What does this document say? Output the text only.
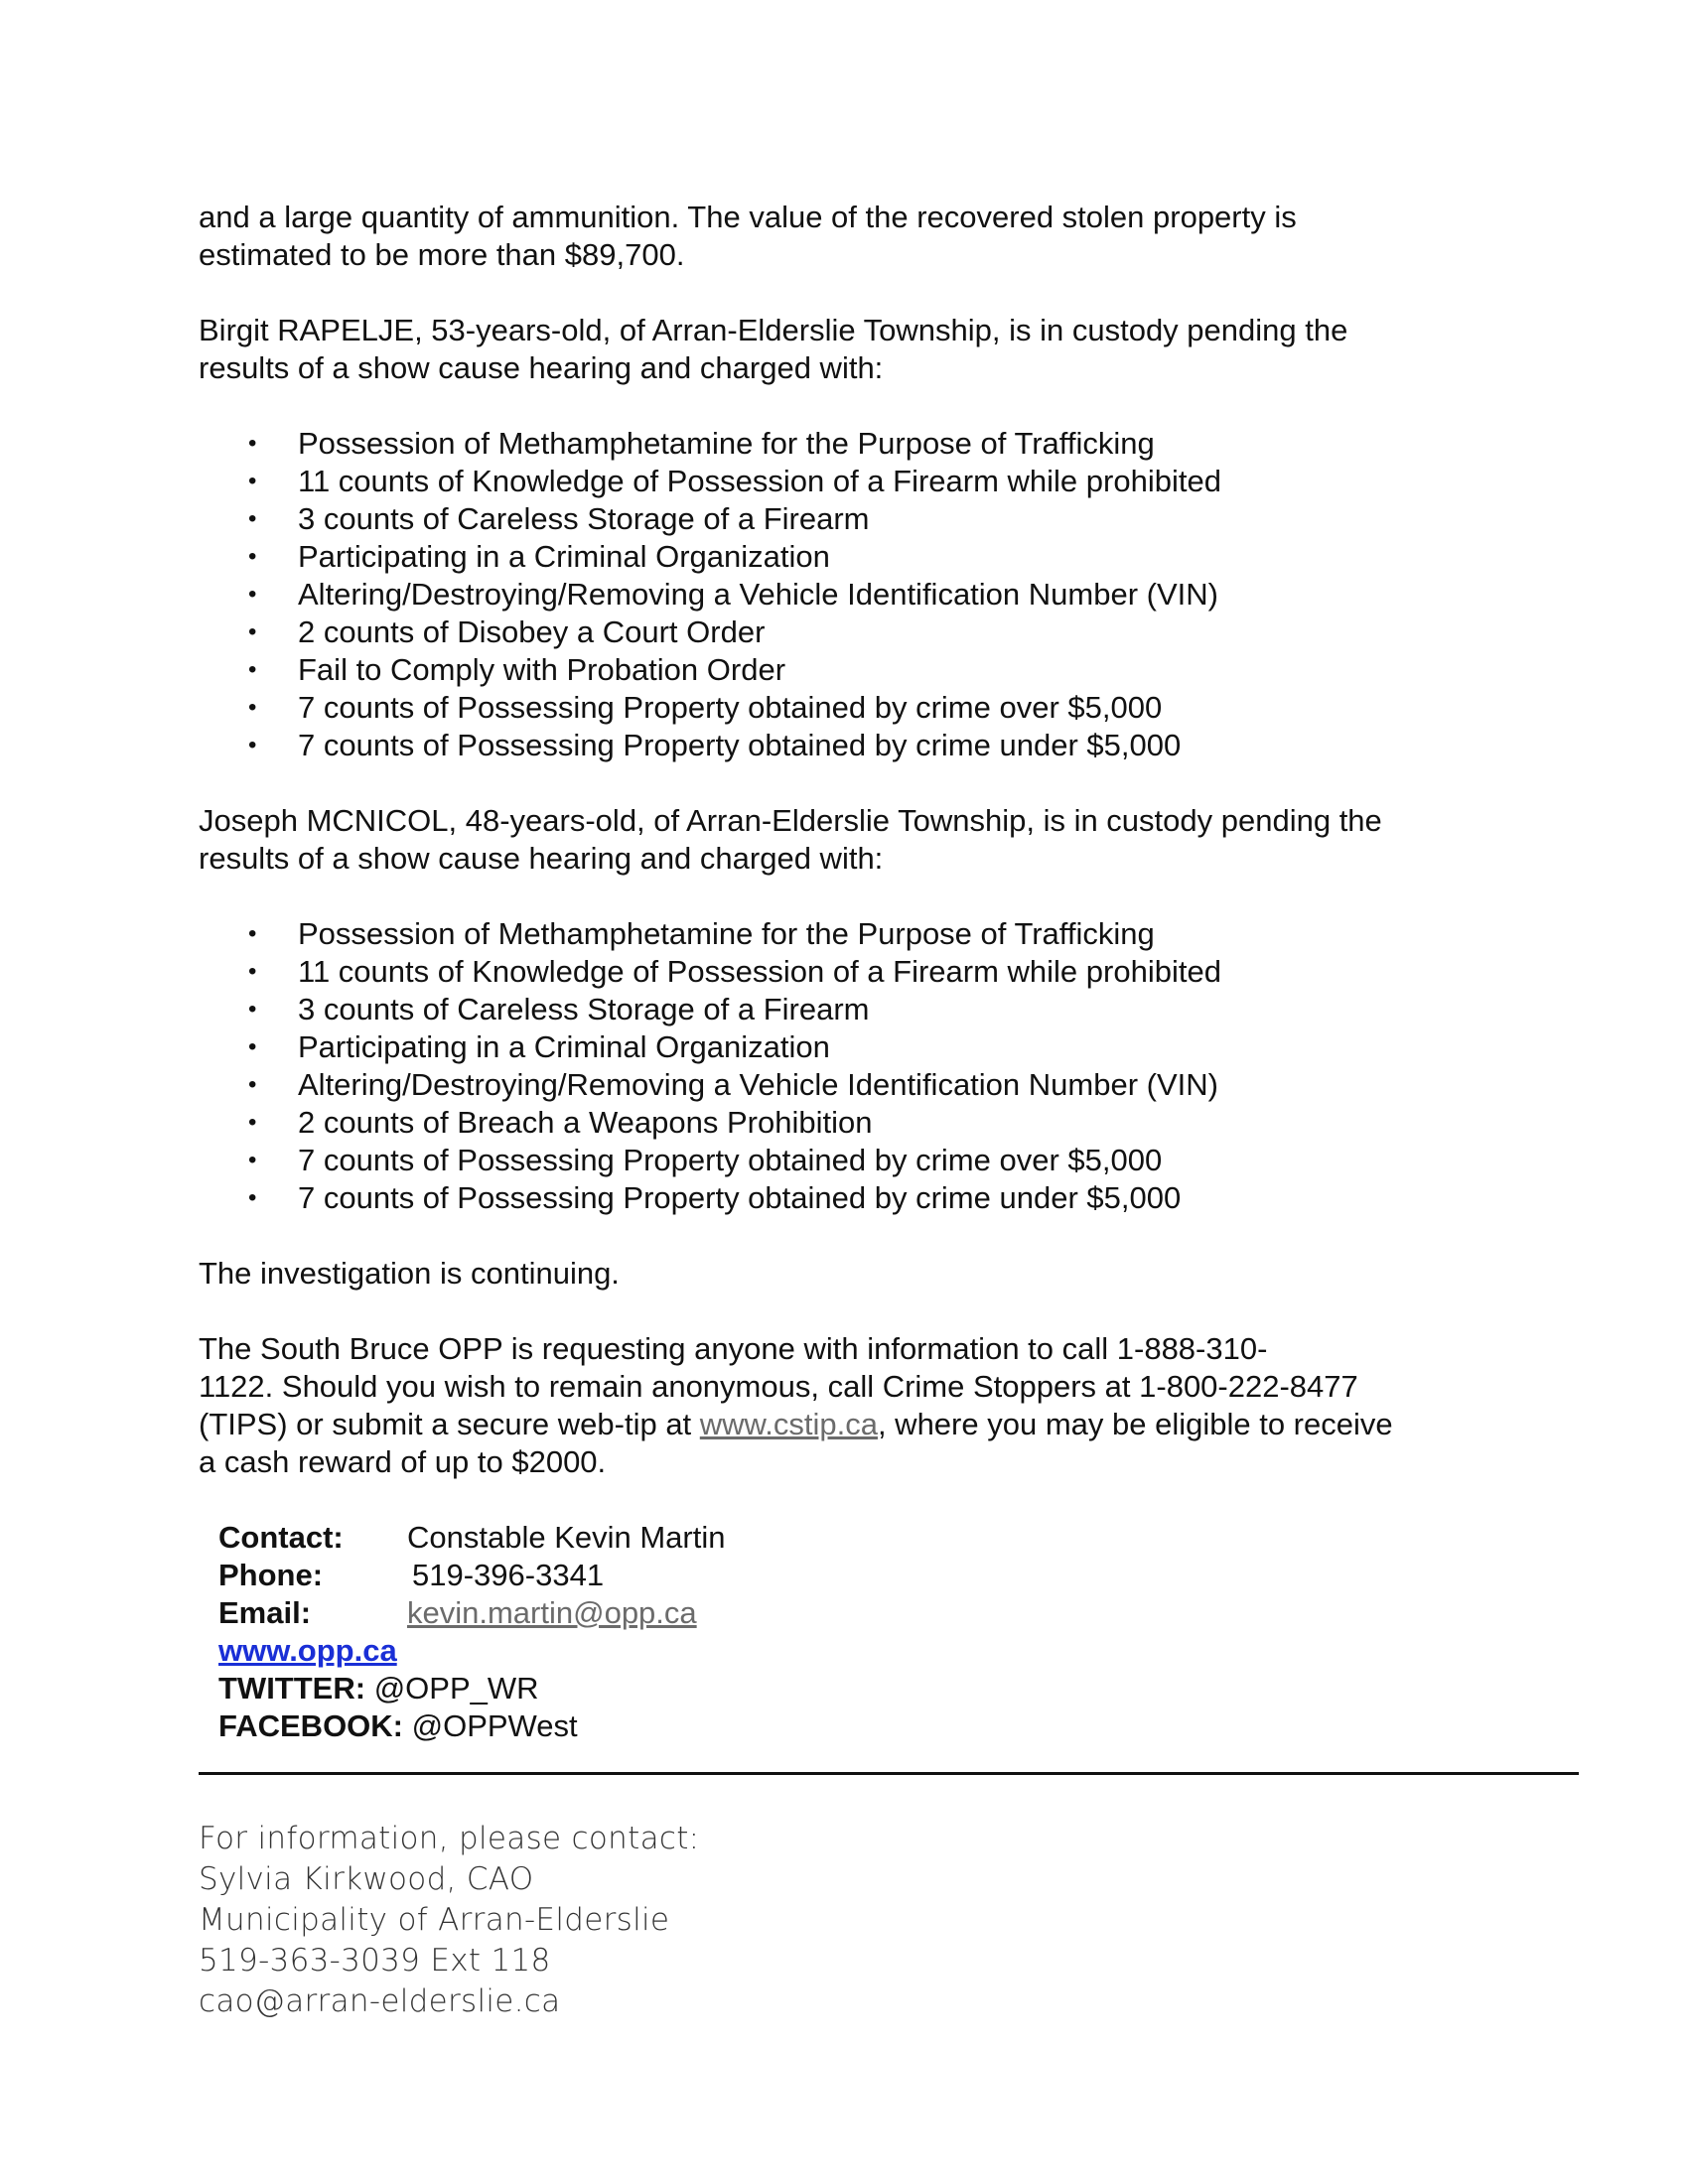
and a large quantity of ammunition. The value of the recovered stolen property is
estimated to be more than $89,700.

Birgit RAPELJE, 53-years-old, of Arran-Elderslie Township, is in custody pending the
results of a show cause hearing and charged with:

• Possession of Methamphetamine for the Purpose of Trafficking
• 11 counts of Knowledge of Possession of a Firearm while prohibited
• 3 counts of Careless Storage of a Firearm
• Participating in a Criminal Organization
• Altering/Destroying/Removing a Vehicle Identification Number (VIN)
• 2 counts of Disobey a Court Order
• Fail to Comply with Probation Order
• 7 counts of Possessing Property obtained by crime over $5,000
• 7 counts of Possessing Property obtained by crime under $5,000

Joseph MCNICOL, 48-years-old, of Arran-Elderslie Township, is in custody pending the
results of a show cause hearing and charged with:

• Possession of Methamphetamine for the Purpose of Trafficking
• 11 counts of Knowledge of Possession of a Firearm while prohibited
• 3 counts of Careless Storage of a Firearm
• Participating in a Criminal Organization
• Altering/Destroying/Removing a Vehicle Identification Number (VIN)
• 2 counts of Breach a Weapons Prohibition
• 7 counts of Possessing Property obtained by crime over $5,000
• 7 counts of Possessing Property obtained by crime under $5,000

The investigation is continuing.

The South Bruce OPP is requesting anyone with information to call 1-888-310-
1122. Should you wish to remain anonymous, call Crime Stoppers at 1-800-222-8477
(TIPS) or submit a secure web-tip at www.cstip.ca, where you may be eligible to receive
a cash reward of up to $2000.

Contact:	Constable Kevin Martin
Phone:	519-396-3341
Email:	kevin.martin@opp.ca
www.opp.ca
TWITTER: @OPP_WR
FACEBOOK: @OPPWest
For information, please contact:
Sylvia Kirkwood, CAO
Municipality of Arran-Elderslie
519-363-3039 Ext 118
cao@arran-elderslie.ca
